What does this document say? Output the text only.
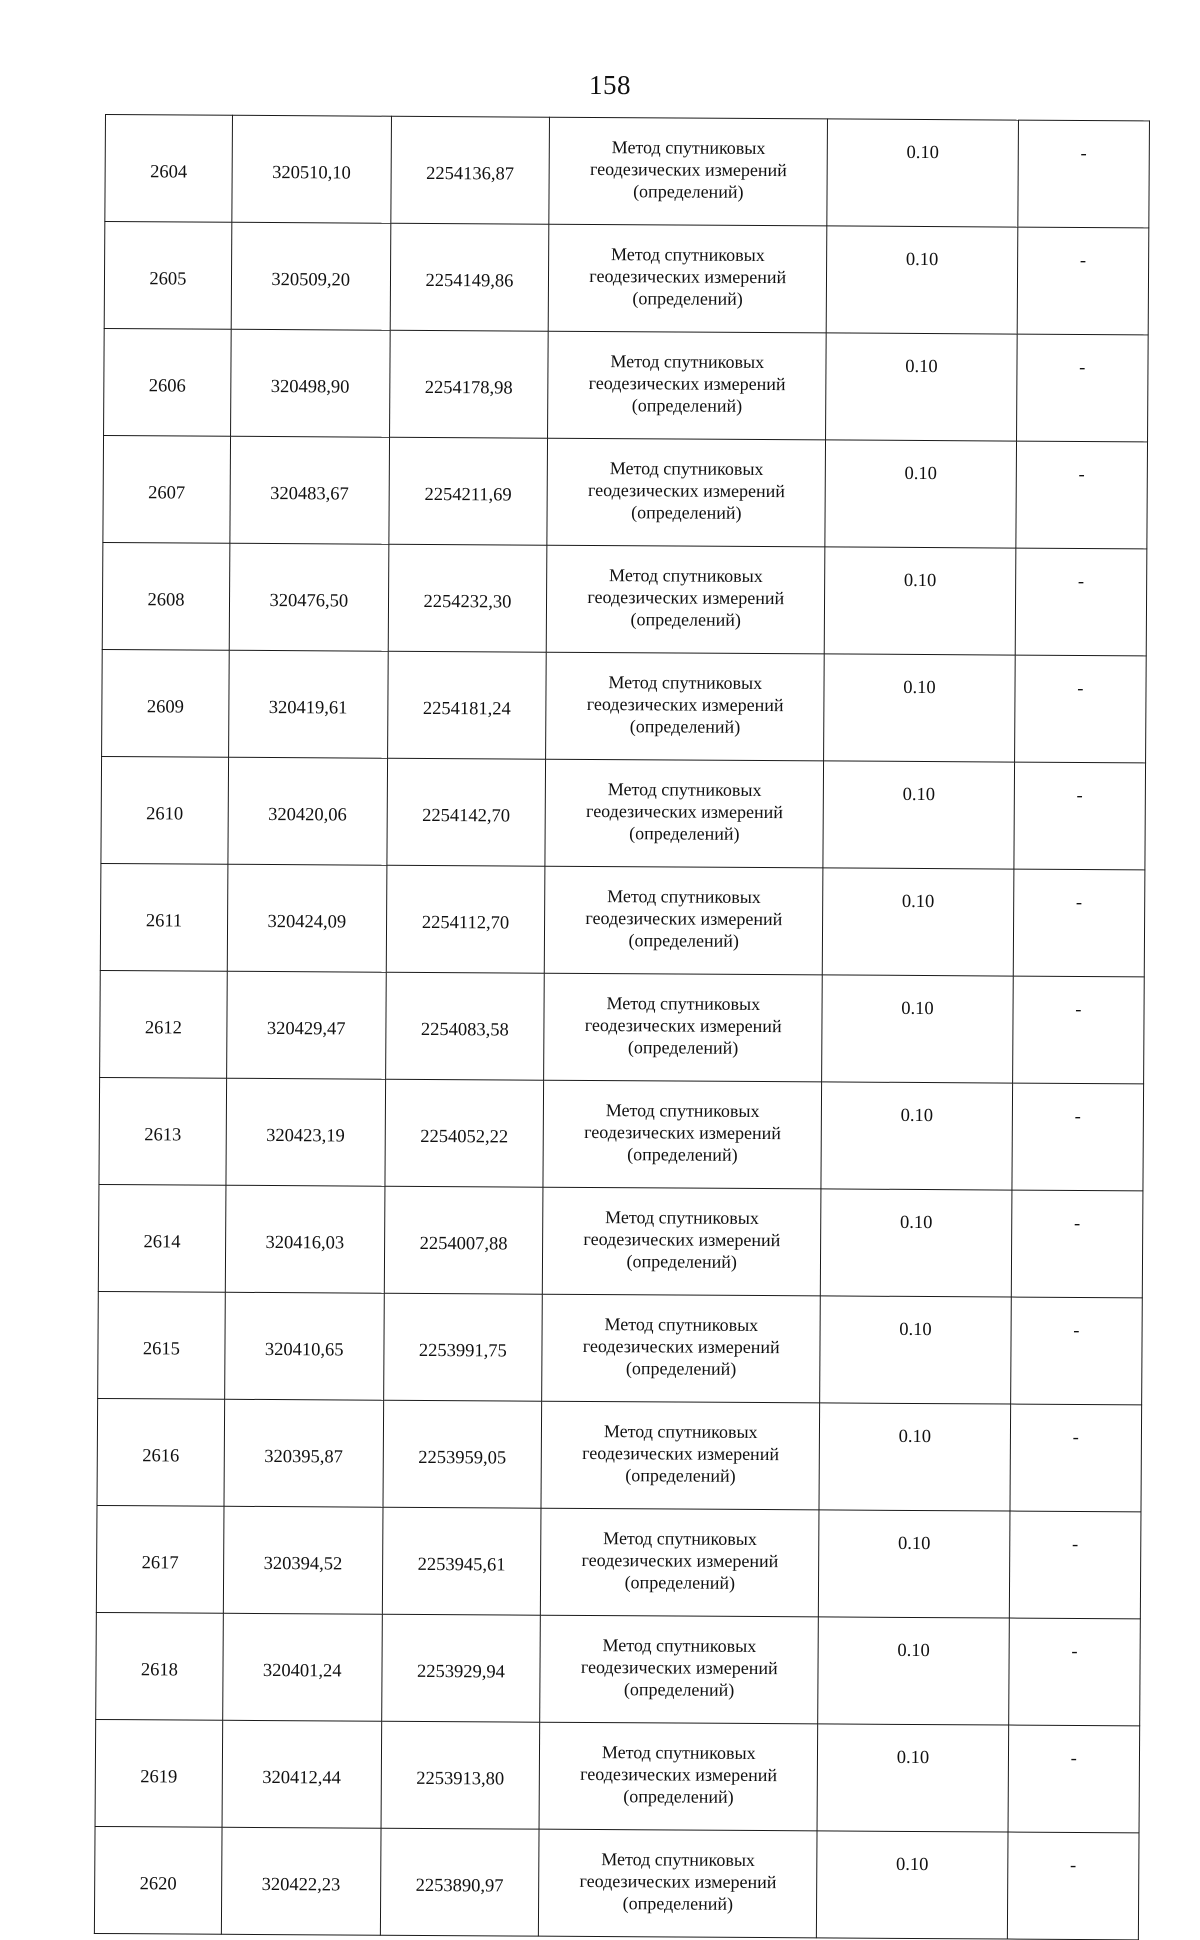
158
2604	320510,10	2254136,87	Метод спутниковых
геодезических измерений
(определений)	0.10	-
2605	320509,20	2254149,86	Метод спутниковых
геодезических измерений
(определений)	0.10	-
2606	320498,90	2254178,98	Метод спутниковых
геодезических измерений
(определений)	0.10	-
2607	320483,67	2254211,69	Метод спутниковых
геодезических измерений
(определений)	0.10	-
2608	320476,50	2254232,30	Метод спутниковых
геодезических измерений
(определений)	0.10	-
2609	320419,61	2254181,24	Метод спутниковых
геодезических измерений
(определений)	0.10	-
2610	320420,06	2254142,70	Метод спутниковых
геодезических измерений
(определений)	0.10	-
2611	320424,09	2254112,70	Метод спутниковых
геодезических измерений
(определений)	0.10	-
2612	320429,47	2254083,58	Метод спутниковых
геодезических измерений
(определений)	0.10	-
2613	320423,19	2254052,22	Метод спутниковых
геодезических измерений
(определений)	0.10	-
2614	320416,03	2254007,88	Метод спутниковых
геодезических измерений
(определений)	0.10	-
2615	320410,65	2253991,75	Метод спутниковых
геодезических измерений
(определений)	0.10	-
2616	320395,87	2253959,05	Метод спутниковых
геодезических измерений
(определений)	0.10	-
2617	320394,52	2253945,61	Метод спутниковых
геодезических измерений
(определений)	0.10	-
2618	320401,24	2253929,94	Метод спутниковых
геодезических измерений
(определений)	0.10	-
2619	320412,44	2253913,80	Метод спутниковых
геодезических измерений
(определений)	0.10	-
2620	320422,23	2253890,97	Метод спутниковых
геодезических измерений
(определений)	0.10	-
